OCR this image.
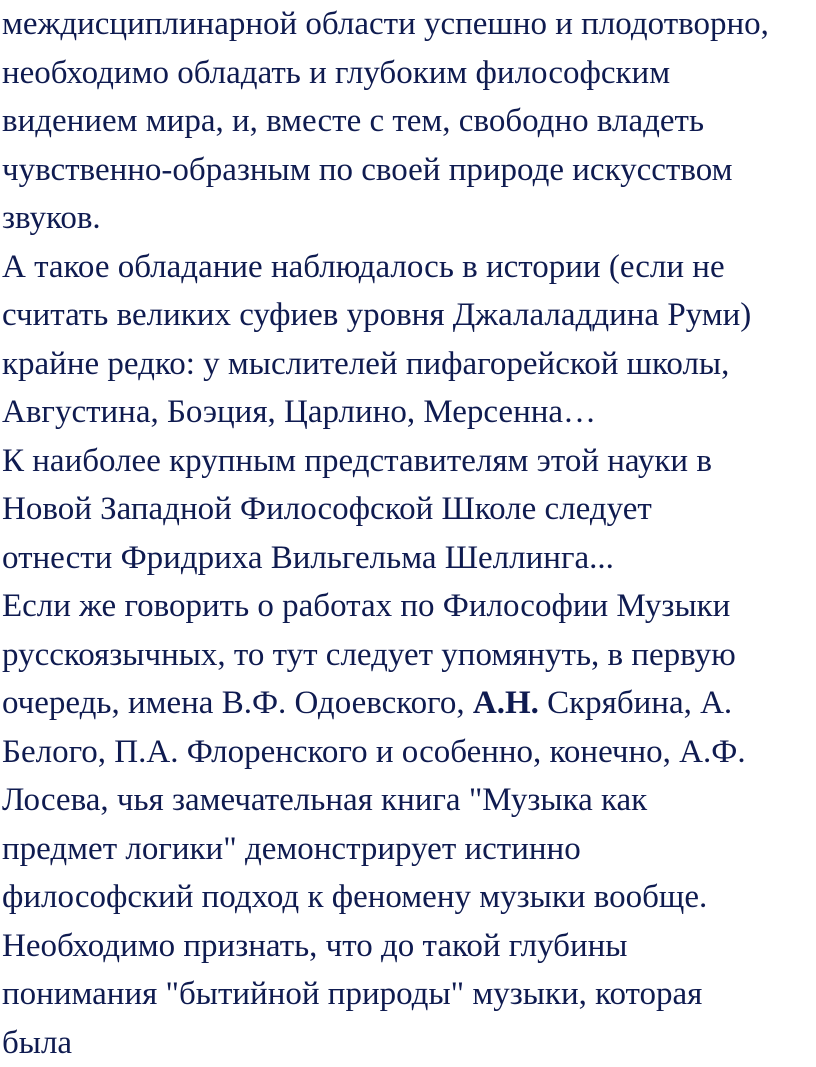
междисциплинарной области успешно и плодотворно,
необходимо обладать и глубоким философским
видением мира, и, вместе с тем, свободно владеть
чувственно-образным по своей природе искусством
звуков.
А такое обладание наблюдалось в истории (если не
считать великих суфиев уровня Джалаладдина Руми)
крайне редко: у мыслителей пифагорейской школы,
Августина, Боэция, Царлино, Мерсенна…
К наиболее крупным представителям этой науки в
Новой Западной Философской Школе следует
отнести Фридриха Вильгельма Шеллинга...
Если же говорить о работах по Философии Музыки
русскоязычных, то тут следует упомянуть, в первую
очередь, имена В.Ф. Одоевского, А.Н. Скрябина, А.
Белого, П.А. Флоренского и особенно, конечно, А.Ф.
Лосева, чья замечательная книга "Музыка как
предмет логики" демонстрирует истинно
философский подход к феномену музыки вообще.
Необходимо признать, что до такой глубины
понимания "бытийной природы" музыки, которая
была
